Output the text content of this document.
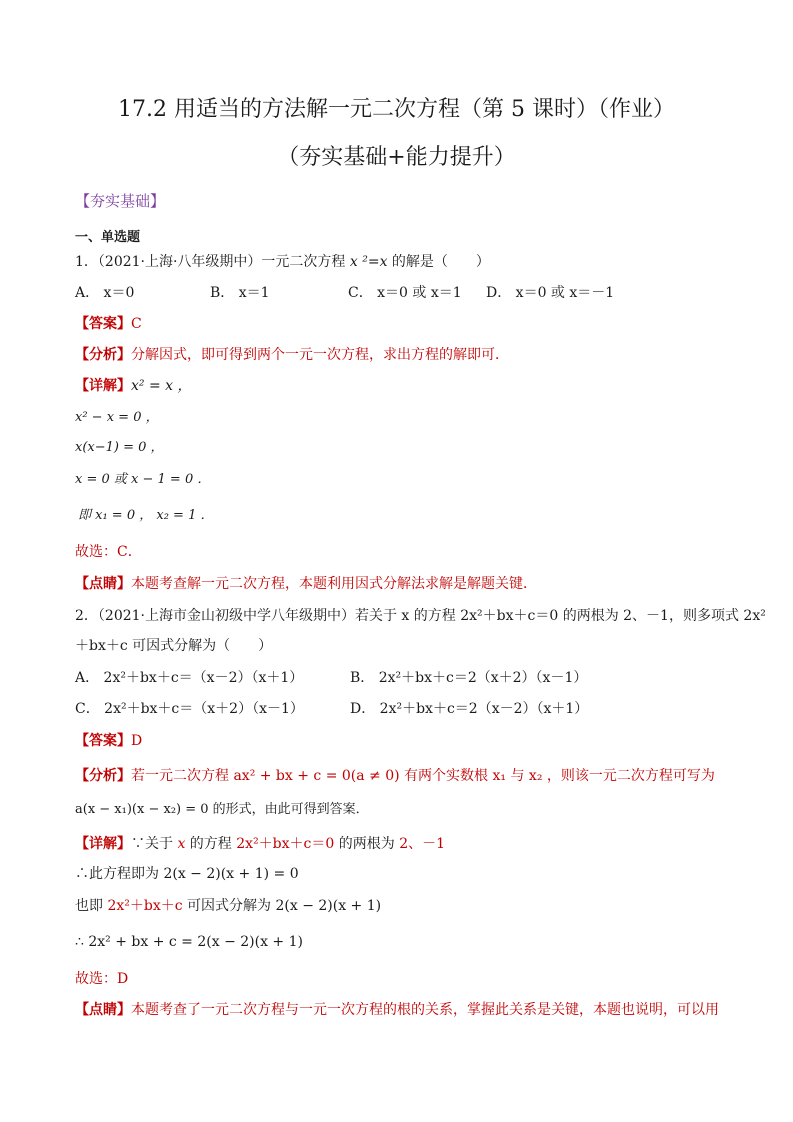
17.2 用适当的方法解一元二次方程（第 5 课时）（作业）
（夯实基础+能力提升）
【夯实基础】
一、单选题
1．（2021·上海·八年级期中）一元二次方程 x ²=x 的解是（　　）
A． x＝0	B． x＝1	C． x＝0 或 x＝1 D． x＝0 或 x＝－1
【答案】C
【分析】分解因式，即可得到两个一元一次方程，求出方程的解即可．
【详解】x² = x ，
x² − x = 0 ，
x(x−1) = 0 ，
x = 0 或 x − 1 = 0 ．
即 x₁ = 0 ， x₂ = 1 ．
故选：C．
【点睛】本题考查解一元二次方程，本题利用因式分解法求解是解题关键．
2．（2021·上海市金山初级中学八年级期中）若关于 x 的方程 2x²＋bx＋c＝0 的两根为 2、－1，则多项式 2x²
＋bx＋c 可因式分解为（　　）
A． 2x²＋bx＋c＝（x－2）（x＋1）	B． 2x²＋bx＋c＝2（x＋2）（x－1）
C． 2x²＋bx＋c＝（x＋2）（x－1）	D． 2x²＋bx＋c＝2（x－2）（x＋1）
【答案】D
【分析】若一元二次方程 ax² + bx + c = 0(a ≠ 0) 有两个实数根 x₁ 与 x₂ ，则该一元二次方程可写为
a(x − x₁)(x − x₂) = 0 的形式，由此可得到答案．
【详解】∵关于 x 的方程 2x²＋bx＋c＝0 的两根为 2、－1
∴此方程即为 2(x − 2)(x + 1) = 0
也即 2x²＋bx＋c 可因式分解为 2(x − 2)(x + 1)
∴ 2x² + bx + c = 2(x − 2)(x + 1)
故选：D
【点睛】本题考查了一元二次方程与一元一次方程的根的关系，掌握此关系是关键，本题也说明，可以用
